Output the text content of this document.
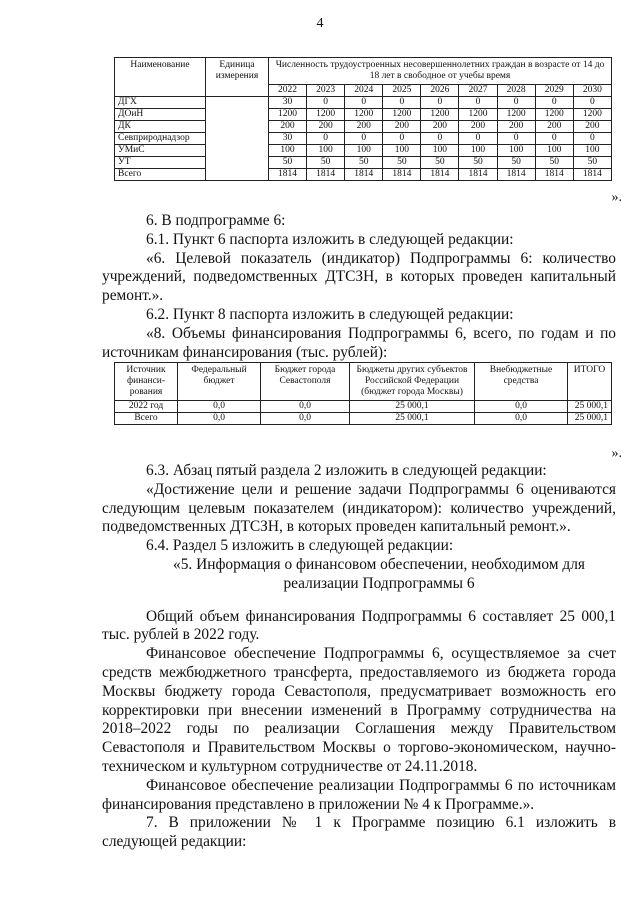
4
Наименование	Единица измерения	Численность трудоустроенных несовершеннолетних граждан в возрасте от 14 до 18 лет в свободное от учебы время								
		2022	2023	2024	2025	2026	2027	2028	2029	2030
ДГХ		30	0	0	0	0	0	0	0	0
ДОиН		1200	1200	1200	1200	1200	1200	1200	1200	1200
ДК		200	200	200	200	200	200	200	200	200
Севприроднадзор		30	0	0	0	0	0	0	0	0
УМиС		100	100	100	100	100	100	100	100	100
УТ		50	50	50	50	50	50	50	50	50
Всего		1814	1814	1814	1814	1814	1814	1814	1814	1814
».

6. В подпрограмме 6:

6.1. Пункт 6 паспорта изложить в следующей редакции:

«6. Целевой показатель (индикатор) Подпрограммы 6: количество учреждений, подведомственных ДТСЗН, в которых проведен капитальный ремонт.».

6.2. Пункт 8 паспорта изложить в следующей редакции:

«8. Объемы финансирования Подпрограммы 6, всего, по годам и по источникам финансирования (тыс. рублей):

Источник финанси-рования	Федеральный бюджет	Бюджет города Севастополя	Бюджеты других субъектов Российской Федерации (бюджет города Москвы)	Внебюджетные средства	ИТОГО
2022 год	0,0	0,0	25 000,1	0,0	25 000,1
Всего	0,0	0,0	25 000,1	0,0	25 000,1
».

6.3. Абзац пятый раздела 2 изложить в следующей редакции:

«Достижение цели и решение задачи Подпрограммы 6 оцениваются следующим целевым показателем (индикатором): количество учреждений, подведомственных ДТСЗН, в которых проведен капитальный ремонт.».

6.4. Раздел 5 изложить в следующей редакции:

«5. Информация о финансовом обеспечении, необходимом для

реализации Подпрограммы 6

Общий объем финансирования Подпрограммы 6 составляет 25 000,1 тыс. рублей в 2022 году.

Финансовое обеспечение Подпрограммы 6, осуществляемое за счет средств межбюджетного трансферта, предоставляемого из бюджета города Москвы бюджету города Севастополя, предусматривает возможность его корректировки при внесении изменений в Программу сотрудничества на 2018–2022 годы по реализации Соглашения между Правительством Севастополя и Правительством Москвы о торгово-экономическом, научно-техническом и культурном сотрудничестве от 24.11.2018.

Финансовое обеспечение реализации Подпрограммы 6 по источникам финансирования представлено в приложении № 4 к Программе.».

7. В приложении № 1 к Программе позицию 6.1 изложить в следующей редакции:
